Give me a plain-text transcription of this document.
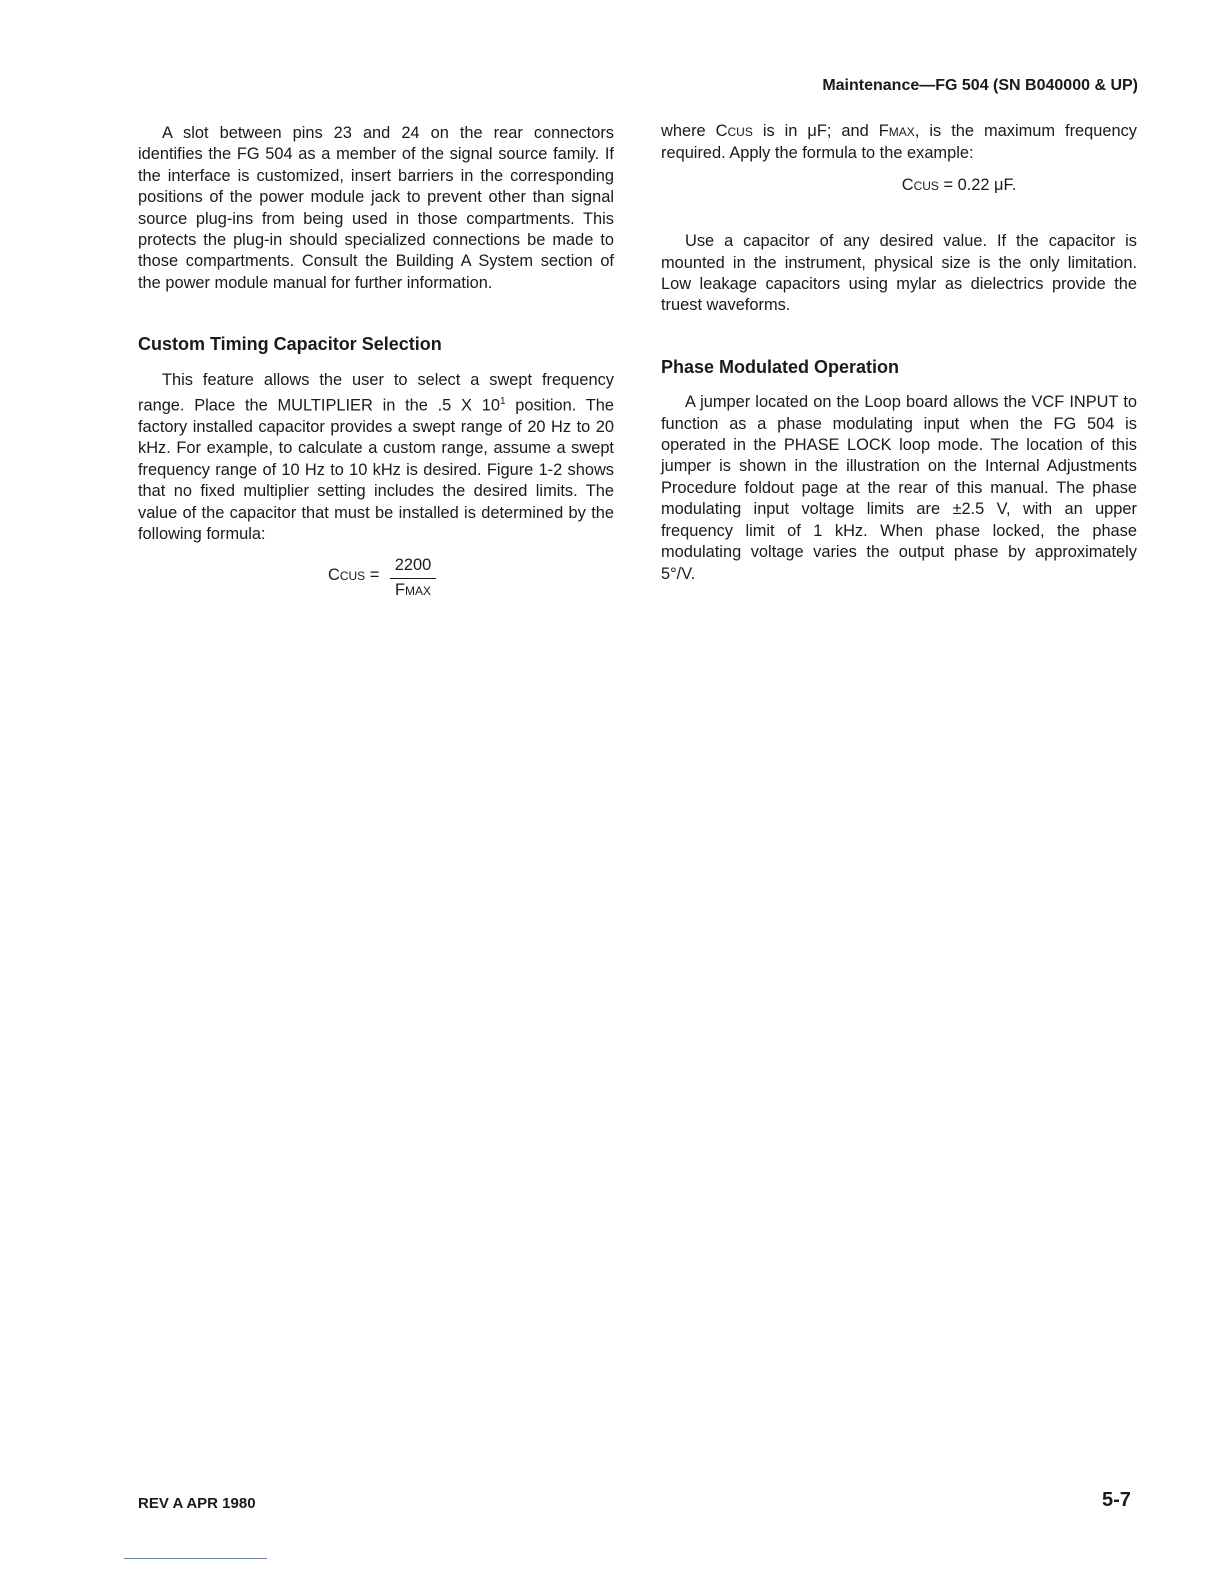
Maintenance—FG 504 (SN B040000 & UP)

A slot between pins 23 and 24 on the rear connectors identifies the FG 504 as a member of the signal source family. If the interface is customized, insert barriers in the corresponding positions of the power module jack to prevent other than signal source plug-ins from being used in those compartments. This protects the plug-in should specialized connections be made to those compartments. Consult the Building A System section of the power module manual for further information.

Custom Timing Capacitor Selection

This feature allows the user to select a swept frequency range. Place the MULTIPLIER in the .5 X $10^1$ position. The factory installed capacitor provides a swept range of 20 Hz to 20 kHz. For example, to calculate a custom range, assume a swept frequency range of 10 Hz to 10 kHz is desired. Figure 1-2 shows that no fixed multiplier setting includes the desired limits. The value of the capacitor that must be installed is determined by the following formula:

CCUS =
2200
FMAX

where CCUS is in μF; and FMAX, is the maximum frequency required. Apply the formula to the example:

CCUS = 0.22 μF.

Use a capacitor of any desired value. If the capacitor is mounted in the instrument, physical size is the only limitation. Low leakage capacitors using mylar as dielectrics provide the truest waveforms.

Phase Modulated Operation

A jumper located on the Loop board allows the VCF INPUT to function as a phase modulating input when the FG 504 is operated in the PHASE LOCK loop mode. The location of this jumper is shown in the illustration on the Internal Adjustments Procedure foldout page at the rear of this manual. The phase modulating input voltage limits are ±2.5 V, with an upper frequency limit of 1 kHz. When phase locked, the phase modulating voltage varies the output phase by approximately 5°/V.

REV A APR 1980	5-7
